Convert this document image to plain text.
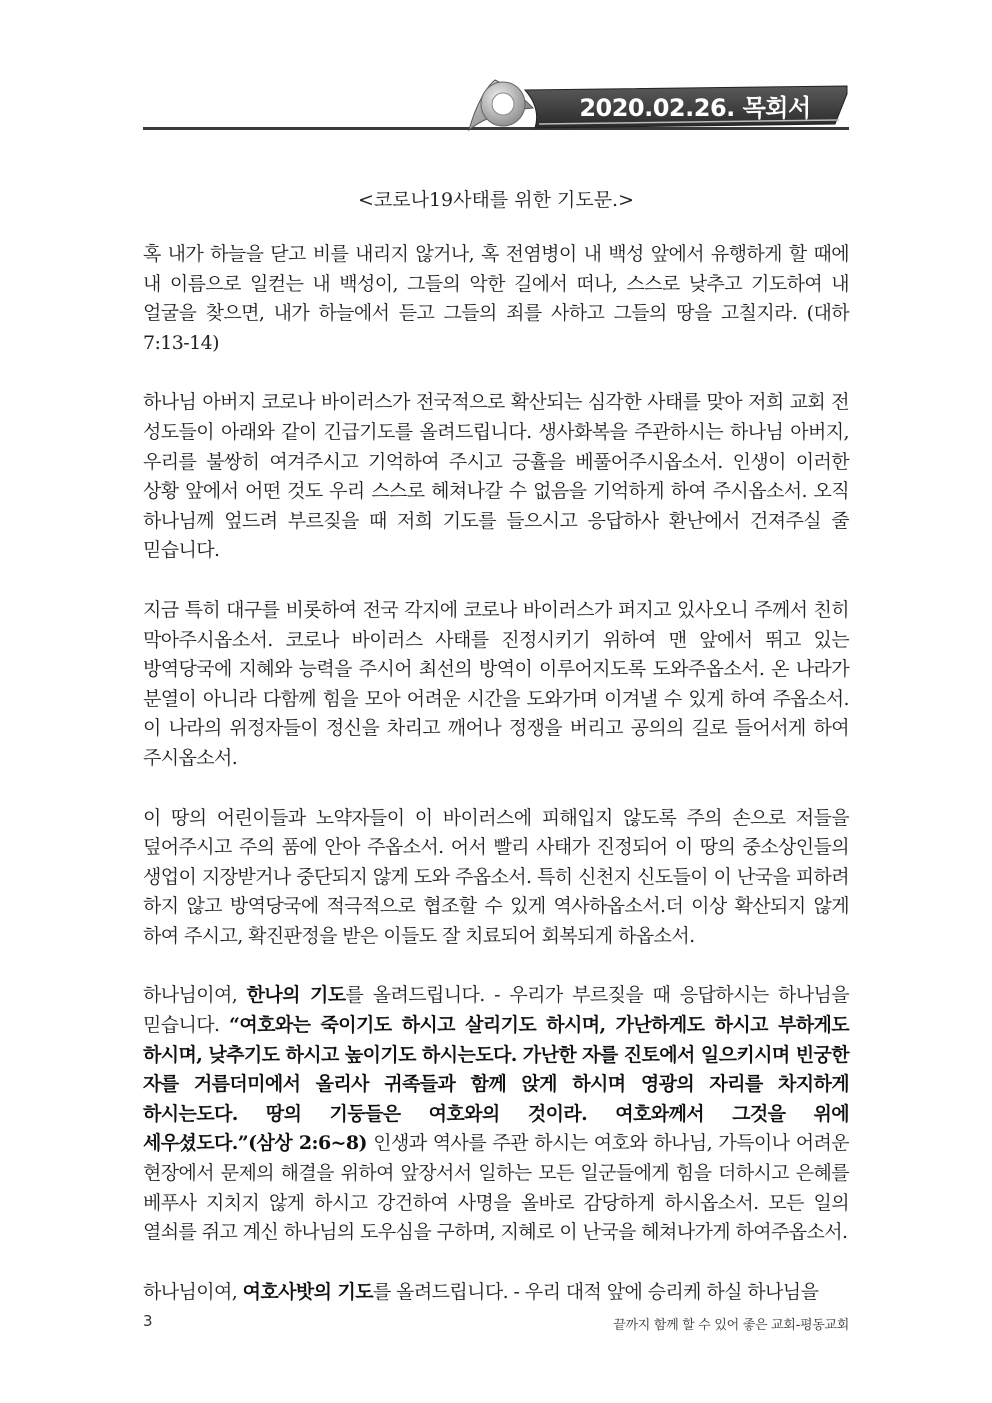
2020.02.26. 목회서신-2
<코로나19사태를 위한 기도문.>

혹 내가 하늘을 닫고 비를 내리지 않거나, 혹 전염병이 내 백성 앞에서 유행하게 할 때에 내 이름으로 일컫는 내 백성이, 그들의 악한 길에서 떠나, 스스로 낮추고 기도하여 내 얼굴을 찾으면, 내가 하늘에서 듣고 그들의 죄를 사하고 그들의 땅을 고칠지라. (대하 7:13-14)

하나님 아버지 코로나 바이러스가 전국적으로 확산되는 심각한 사태를 맞아 저희 교회 전 성도들이 아래와 같이 긴급기도를 올려드립니다. 생사화복을 주관하시는 하나님 아버지, 우리를 불쌍히 여겨주시고 기억하여 주시고 긍휼을 베풀어주시옵소서. 인생이 이러한 상황 앞에서 어떤 것도 우리 스스로 헤쳐나갈 수 없음을 기억하게 하여 주시옵소서. 오직 하나님께 엎드려 부르짖을 때 저희 기도를 들으시고 응답하사 환난에서 건져주실 줄 믿습니다.

지금 특히 대구를 비롯하여 전국 각지에 코로나 바이러스가 퍼지고 있사오니 주께서 친히 막아주시옵소서. 코로나 바이러스 사태를 진정시키기 위하여 맨 앞에서 뛰고 있는 방역당국에 지혜와 능력을 주시어 최선의 방역이 이루어지도록 도와주옵소서. 온 나라가 분열이 아니라 다함께 힘을 모아 어려운 시간을 도와가며 이겨낼 수 있게 하여 주옵소서. 이 나라의 위정자들이 정신을 차리고 깨어나 정쟁을 버리고 공의의 길로 들어서게 하여 주시옵소서.

이 땅의 어린이들과 노약자들이 이 바이러스에 피해입지 않도록 주의 손으로 저들을 덮어주시고 주의 품에 안아 주옵소서. 어서 빨리 사태가 진정되어 이 땅의 중소상인들의 생업이 지장받거나 중단되지 않게 도와 주옵소서. 특히 신천지 신도들이 이 난국을 피하려 하지 않고 방역당국에 적극적으로 협조할 수 있게 역사하옵소서.더 이상 확산되지 않게 하여 주시고, 확진판정을 받은 이들도 잘 치료되어 회복되게 하옵소서.

하나님이여, 한나의 기도를 올려드립니다. - 우리가 부르짖을 때 응답하시는 하나님을 믿습니다. “여호와는 죽이기도 하시고 살리기도 하시며, 가난하게도 하시고 부하게도 하시며, 낮추기도 하시고 높이기도 하시는도다. 가난한 자를 진토에서 일으키시며 빈궁한 자를 거름더미에서 올리사 귀족들과 함께 앉게 하시며 영광의 자리를 차지하게 하시는도다. 땅의 기둥들은 여호와의 것이라. 여호와께서 그것을 위에 세우셨도다.”(삼상 2:6~8) 인생과 역사를 주관 하시는 여호와 하나님, 가득이나 어려운 현장에서 문제의 해결을 위하여 앞장서서 일하는 모든 일군들에게 힘을 더하시고 은혜를 베푸사 지치지 않게 하시고 강건하여 사명을 올바로 감당하게 하시옵소서. 모든 일의 열쇠를 쥐고 계신 하나님의 도우심을 구하며, 지혜로 이 난국을 헤쳐나가게 하여주옵소서.

하나님이여, 여호사밧의 기도를 올려드립니다. - 우리 대적 앞에 승리케 하실 하나님을

3	끝까지 함께 할 수 있어 좋은 교회-평동교회
